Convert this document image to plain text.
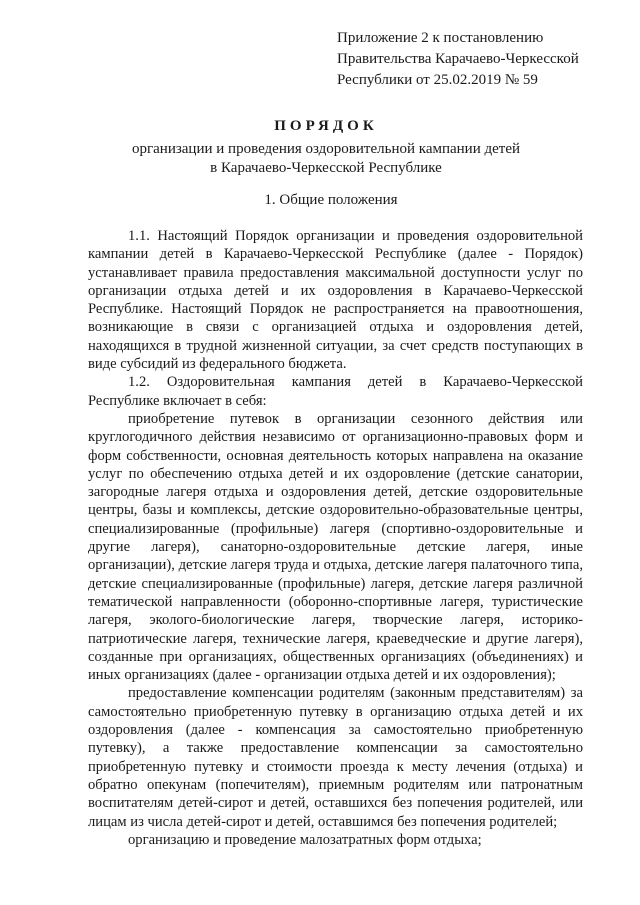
Приложение 2 к постановлению
Правительства Карачаево-Черкесской
Республики от 25.02.2019 № 59
ПОРЯДОК
организации и проведения оздоровительной кампании детей
в Карачаево-Черкесской Республике
1. Общие положения

1.1. Настоящий Порядок организации и проведения оздоровительной кампании детей в Карачаево-Черкесской Республике (далее - Порядок) устанавливает правила предоставления максимальной доступности услуг по организации отдыха детей и их оздоровления в Карачаево-Черкесской Республике. Настоящий Порядок не распространяется на правоотношения, возникающие в связи с организацией отдыха и оздоровления детей, находящихся в трудной жизненной ситуации, за счет средств поступающих в виде субсидий из федерального бюджета.

1.2. Оздоровительная кампания детей в Карачаево-Черкесской Республике включает в себя:

приобретение путевок в организации сезонного действия или круглогодичного действия независимо от организационно-правовых форм и форм собственности, основная деятельность которых направлена на оказание услуг по обеспечению отдыха детей и их оздоровление (детские санатории, загородные лагеря отдыха и оздоровления детей, детские оздоровительные центры, базы и комплексы, детские оздоровительно-образовательные центры, специализированные (профильные) лагеря (спортивно-оздоровительные и другие лагеря), санаторно-оздоровительные детские лагеря, иные организации), детские лагеря труда и отдыха, детские лагеря палаточного типа, детские специализированные (профильные) лагеря, детские лагеря различной тематической направленности (оборонно-спортивные лагеря, туристические лагеря, эколого-биологические лагеря, творческие лагеря, историко-патриотические лагеря, технические лагеря, краеведческие и другие лагеря), созданные при организациях, общественных организациях (объединениях) и иных организациях (далее - организации отдыха детей и их оздоровления);

предоставление компенсации родителям (законным представителям) за самостоятельно приобретенную путевку в организацию отдыха детей и их оздоровления (далее - компенсация за самостоятельно приобретенную путевку), а также предоставление компенсации за самостоятельно приобретенную путевку и стоимости проезда к месту лечения (отдыха) и обратно опекунам (попечителям), приемным родителям или патронатным воспитателям детей-сирот и детей, оставшихся без попечения родителей, или лицам из числа детей-сирот и детей, оставшимся без попечения родителей;

организацию и проведение малозатратных форм отдыха;
